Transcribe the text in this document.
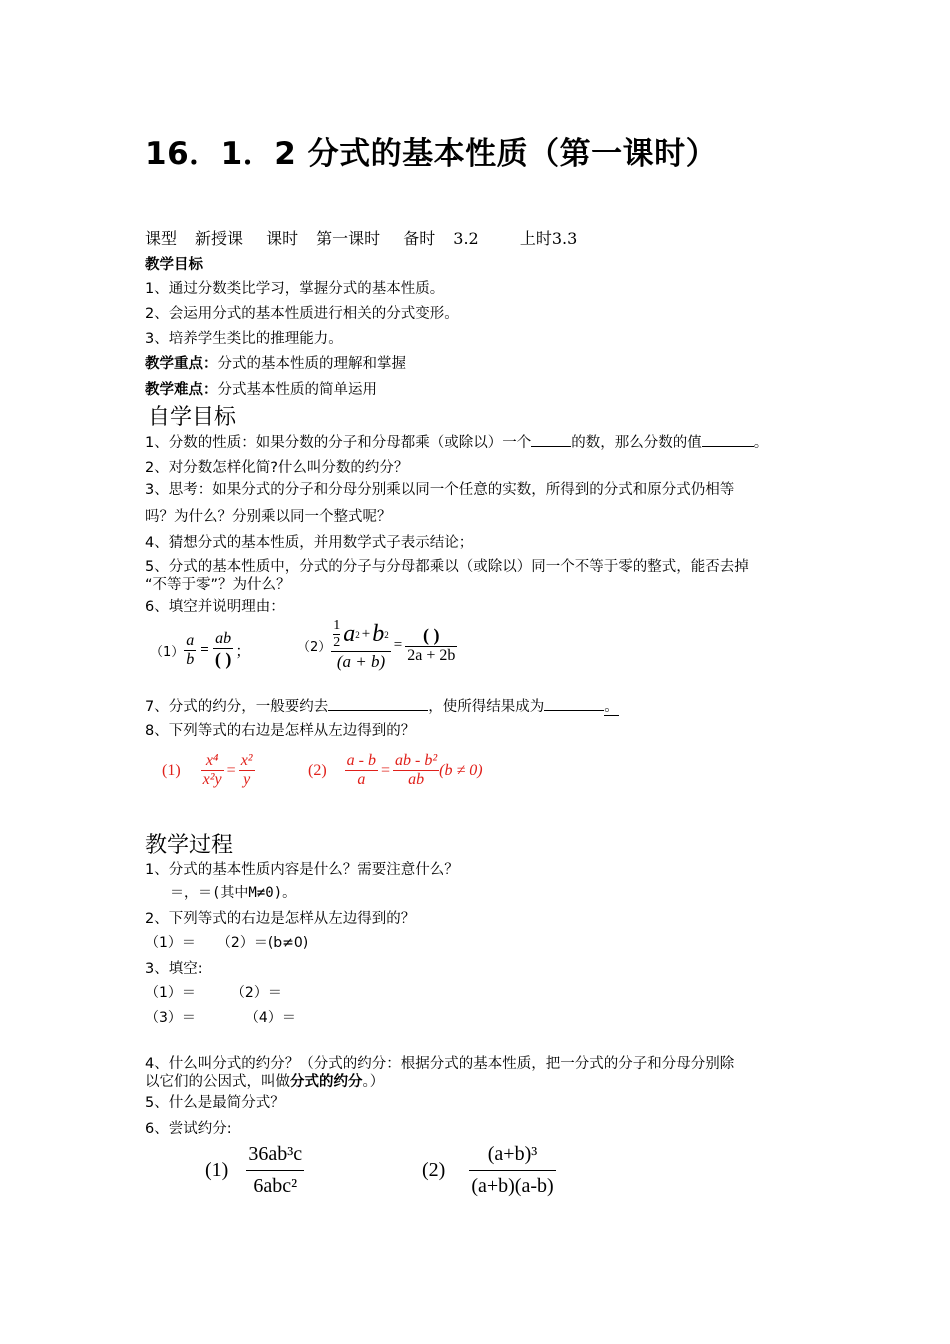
16．1．2 分式的基本性质（第一课时）
课型 新授课 课时 第一课时 备时 3.2	上时3.3
教学目标
1、通过分数类比学习，掌握分式的基本性质。
2、会运用分式的基本性质进行相关的分式变形。
3、培养学生类比的推理能力。
教学重点：分式的基本性质的理解和掌握
教学难点：分式基本性质的简单运用
自学目标
1、分数的性质：如果分数的分子和分母都乘（或除以）一个	的数，那么分数的值	。
2、对分数怎样化简?什么叫分数的约分？
3、思考：如果分式的分子和分母分别乘以同一个任意的实数，所得到的分式和原分式仍相等
吗？为什么？分别乘以同一个整式呢？
4、猜想分式的基本性质，并用数学式子表示结论；
5、分式的基本性质中，分式的分子与分母都乘以（或除以）同一个不等于零的整式，能否去掉
“不等于零”？为什么？
6、填空并说明理由：
$(1) \frac{a}{b} = \frac{ab}{( )}$ ；	$(2) \frac{\frac{1}{2} a 2 + b 2}{(a + b)} = \frac{( )}{2a + 2b}$
7、分式的约分，一般要约去	，使所得结果成为	。
8、下列等式的右边是怎样从左边得到的？
$(1) \frac{\text{x⁴}}{\text{x²y}} = \frac{\text{x²}}{y}$	$(2) \frac{a - b}{a} = \frac{\text{ab - b²}}{ab} (b \ne 0)$
教学过程
1、分式的基本性质内容是什么？需要注意什么？
＝，＝(其中M≠0)。
2、下列等式的右边是怎样从左边得到的？
（1）＝　　（2）＝(b≠0)
3、填空:
（1）＝　　　（2）＝
（3）＝　　　　（4）＝
4、什么叫分式的约分？（分式的约分：根据分式的基本性质，把一分式的分子和分母分别除
以它们的公因式，叫做分式的约分。）
5、什么是最简分式？
6、尝试约分:
$(1) \frac{\text{36ab³c}}{\text{6abc²}}$	$(2) \frac{\text{(a+b)³}}{(a+b)(a-b)}$
